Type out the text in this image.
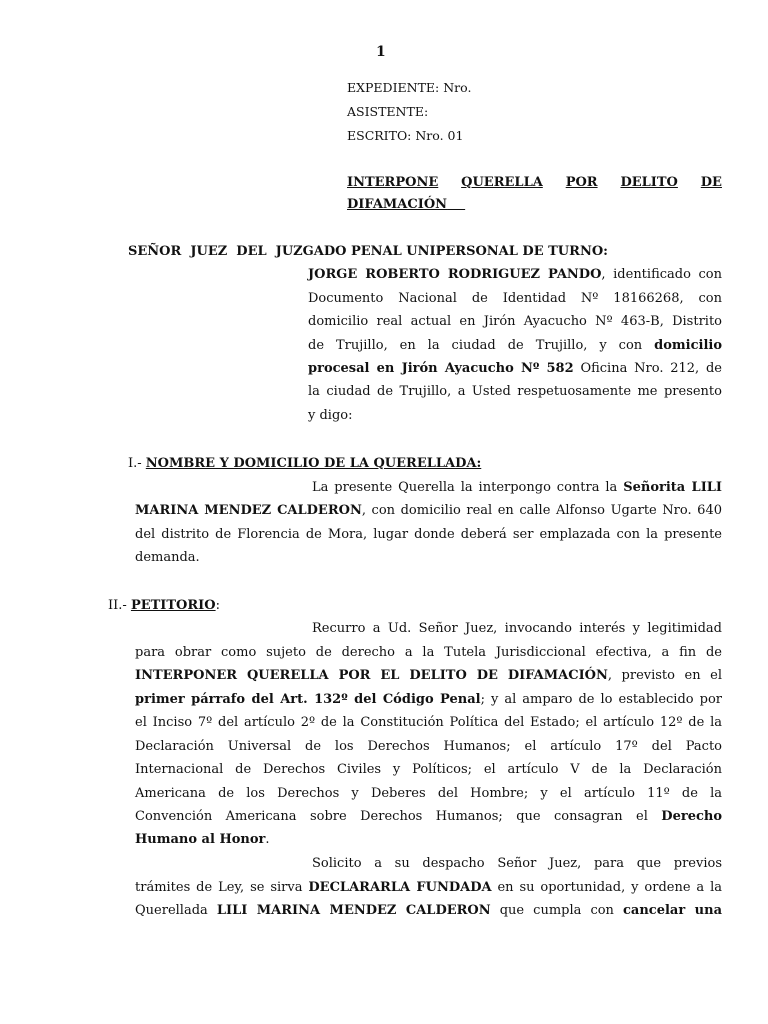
1
EXPEDIENTE: Nro.
ASISTENTE:
ESCRITO: Nro. 01
INTERPONE QUERELLA POR DELITO DE
DIFAMACIÓN
SEÑOR  JUEZ  DEL  JUZGADO PENAL UNIPERSONAL DE TURNO:
JORGE ROBERTO RODRIGUEZ PANDO, identificado con
Documento Nacional de Identidad Nº 18166268, con
domicilio real actual en Jirón Ayacucho Nº 463-B, Distrito
de Trujillo, en la ciudad de Trujillo, y con domicilio
procesal en Jirón Ayacucho Nº 582 Oficina Nro. 212, de
la ciudad de Trujillo, a Usted respetuosamente me presento
y digo:
I.- NOMBRE Y DOMICILIO DE LA QUERELLADA:
La presente Querella la interpongo contra la Señorita LILI
MARINA MENDEZ CALDERON, con domicilio real en calle Alfonso Ugarte Nro. 640
del distrito de Florencia de Mora, lugar donde deberá ser emplazada con la presente
demanda.
II.- PETITORIO:
Recurro a Ud. Señor Juez, invocando interés y legitimidad
para obrar como sujeto de derecho a la Tutela Jurisdiccional efectiva, a fin de
INTERPONER QUERELLA POR EL DELITO DE DIFAMACIÓN, previsto en el
primer párrafo del Art. 132º del Código Penal; y al amparo de lo establecido por
el Inciso 7º del artículo 2º de la Constitución Política del Estado; el artículo 12º de la
Declaración Universal de los Derechos Humanos; el artículo 17º del Pacto
Internacional de Derechos Civiles y Políticos; el artículo V de la Declaración
Americana de los Derechos y Deberes del Hombre; y el artículo 11º de la
Convención Americana sobre Derechos Humanos; que consagran el Derecho
Humano al Honor.
Solicito a su despacho Señor Juez, para que previos
trámites de Ley, se sirva DECLARARLA FUNDADA en su oportunidad, y ordene a la
Querellada LILI MARINA MENDEZ CALDERON que cumpla con cancelar una
